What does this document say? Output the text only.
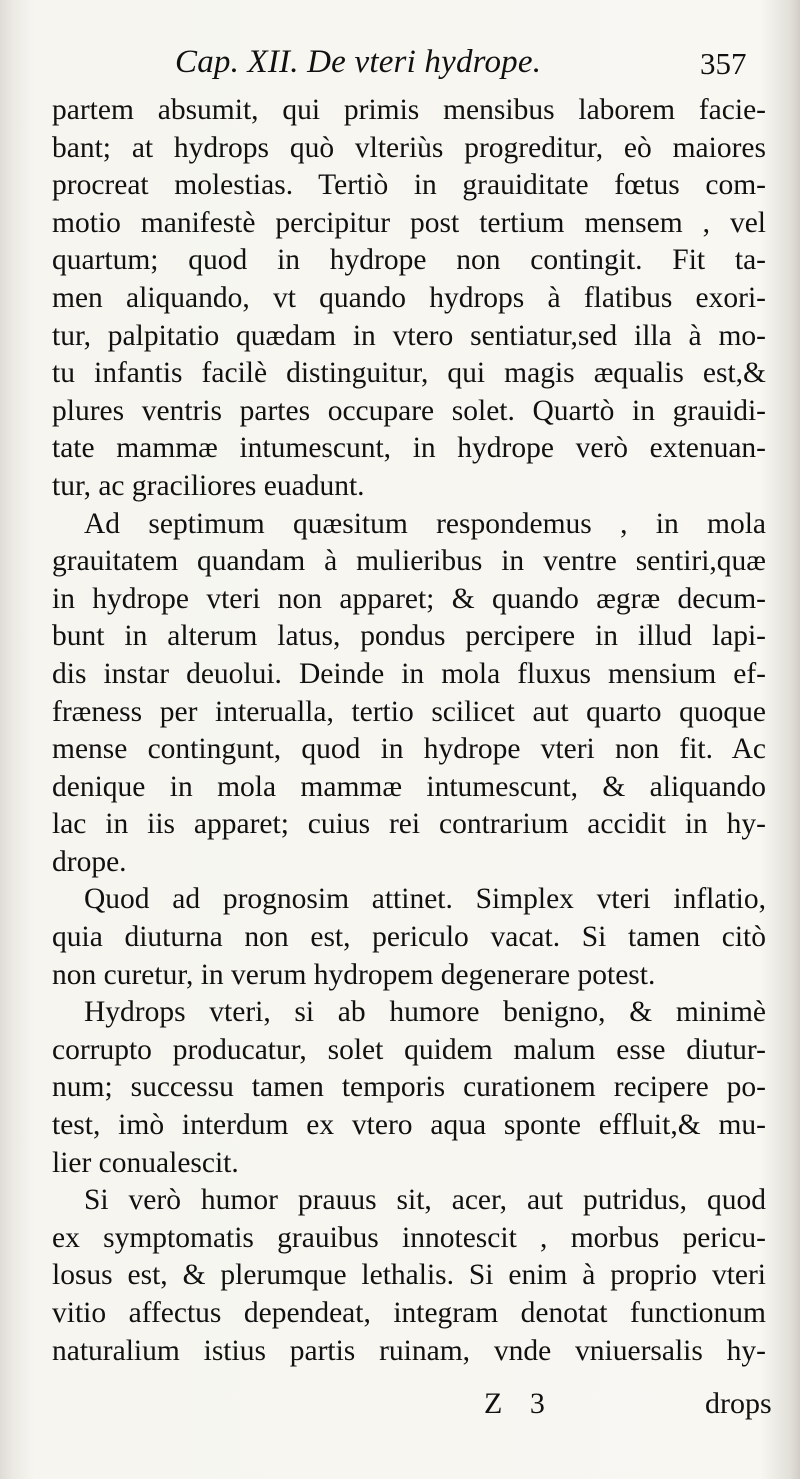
Cap. XII. De vteri hydrope.	357
partem absumit, qui primis mensibus laborem facie-
bant; at hydrops quò vlteriùs progreditur, eò maiores
procreat molestias. Tertiò in grauiditate fœtus com-
motio manifestè percipitur post tertium mensem , vel
quartum; quod in hydrope non contingit. Fit ta-
men aliquando, vt quando hydrops à flatibus exori-
tur, palpitatio quædam in vtero sentiatur,sed illa à mo-
tu infantis facilè distinguitur, qui magis æqualis est,&
plures ventris partes occupare solet. Quartò in grauidi-
tate mammæ intumescunt, in hydrope verò extenuan-
tur, ac graciliores euadunt.
Ad septimum quæsitum respondemus , in mola
grauitatem quandam à mulieribus in ventre sentiri,quæ
in hydrope vteri non apparet; & quando ægræ decum-
bunt in alterum latus, pondus percipere in illud lapi-
dis instar deuolui. Deinde in mola fluxus mensium ef-
fræness per interualla, tertio scilicet aut quarto quoque
mense contingunt, quod in hydrope vteri non fit. Ac
denique in mola mammæ intumescunt, & aliquando
lac in iis apparet; cuius rei contrarium accidit in hy-
drope.
Quod ad prognosim attinet. Simplex vteri inflatio,
quia diuturna non est, periculo vacat. Si tamen citò
non curetur, in verum hydropem degenerare potest.
Hydrops vteri, si ab humore benigno, & minimè
corrupto producatur, solet quidem malum esse diutur-
num; successu tamen temporis curationem recipere po-
test, imò interdum ex vtero aqua sponte effluit,& mu-
lier conualescit.
Si verò humor prauus sit, acer, aut putridus, quod
ex symptomatis grauibus innotescit , morbus pericu-
losus est, & plerumque lethalis. Si enim à proprio vteri
vitio affectus dependeat, integram denotat functionum
naturalium istius partis ruinam, vnde vniuersalis hy-
Z 3	drops
